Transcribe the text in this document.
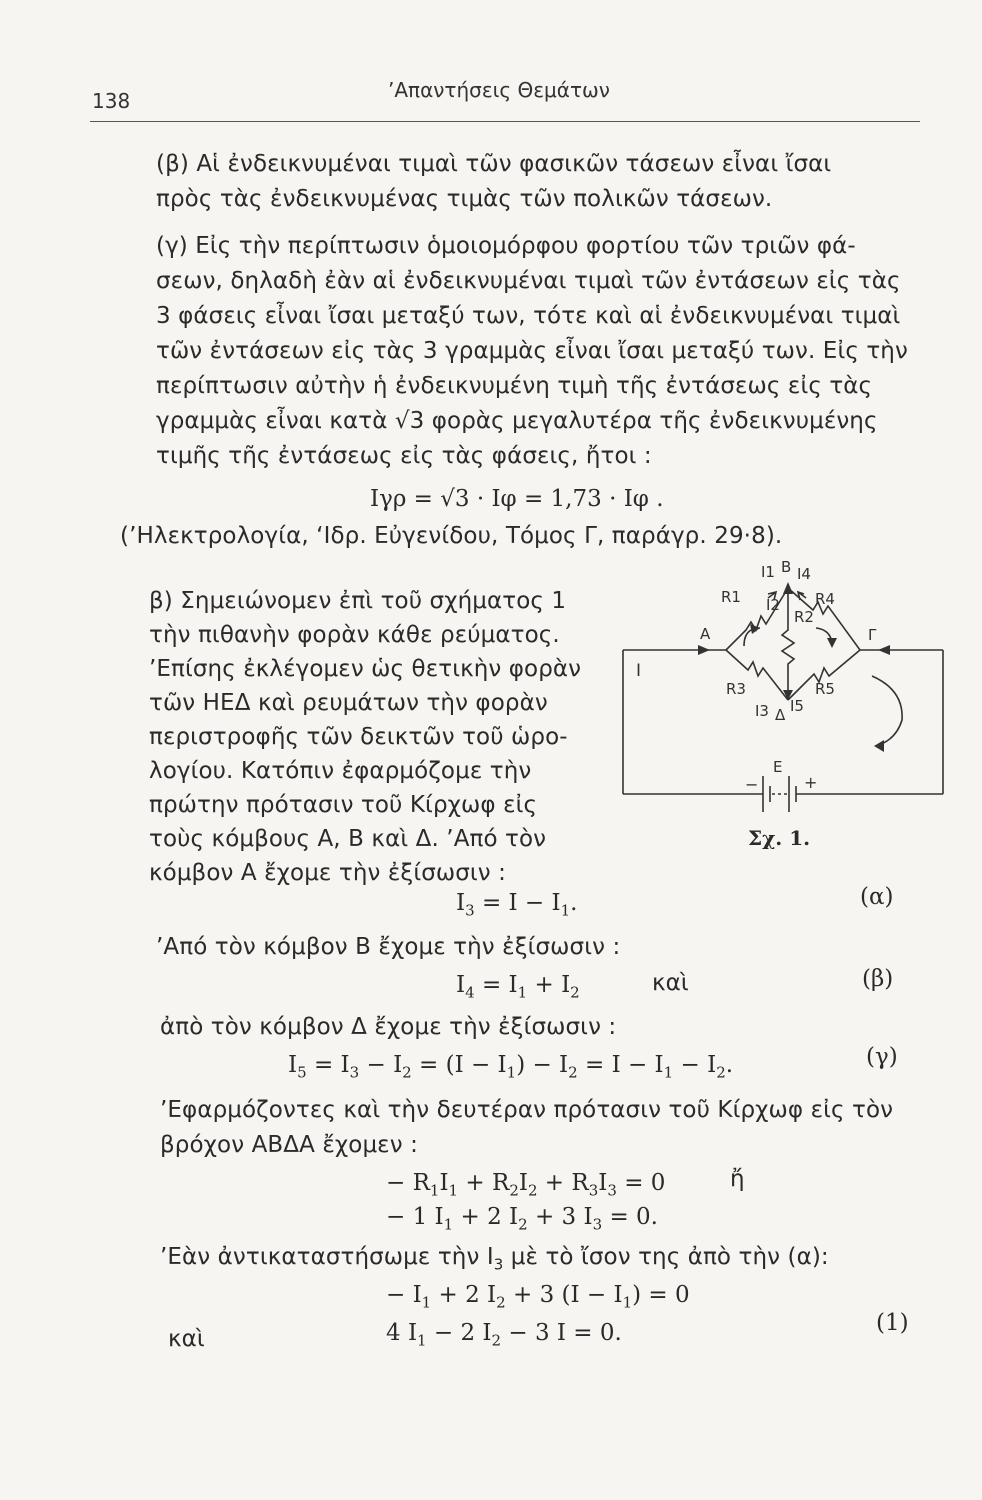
138	’Απαντήσεις Θεμάτων
(β) Αἱ ἐνδεικνυμέναι τιμαὶ τῶν φασικῶν τάσεων εἶναι ἴσαι
πρὸς τὰς ἐνδεικνυμένας τιμὰς τῶν πολικῶν τάσεων.
(γ) Εἰς τὴν περίπτωσιν ὁμοιομόρφου φορτίου τῶν τριῶν φά-
σεων, δηλαδὴ ἐὰν αἱ ἐνδεικνυμέναι τιμαὶ τῶν ἐντάσεων εἰς τὰς
3 φάσεις εἶναι ἴσαι μεταξύ των, τότε καὶ αἱ ἐνδεικνυμέναι τιμαὶ
τῶν ἐντάσεων εἰς τὰς 3 γραμμὰς εἶναι ἴσαι μεταξύ των. Εἰς τὴν
περίπτωσιν αὐτὴν ἡ ἐνδεικνυμένη τιμὴ τῆς ἐντάσεως εἰς τὰς
γραμμὰς εἶναι κατὰ √3 φορὰς μεγαλυτέρα τῆς ἐνδεικνυμένης
τιμῆς τῆς ἐντάσεως εἰς τὰς φάσεις, ἤτοι :
Iγρ = √3 · Iφ = 1,73 · Iφ .
(’Ηλεκτρολογία, ‘Ιδρ. Εὐγενίδου, Τόμος Γ, παράγρ. 29·8).
β) Σημειώνομεν ἐπὶ τοῦ σχήματος 1
τὴν πιθανὴν φορὰν κάθε ρεύματος.
’Επίσης ἐκλέγομεν ὡς θετικὴν φορὰν
τῶν ΗΕΔ καὶ ρευμάτων τὴν φορὰν
περιστροφῆς τῶν δεικτῶν τοῦ ὡρο-
λογίου. Κατόπιν ἐφαρμόζομε τὴν
πρώτην πρότασιν τοῦ Κίρχωφ εἰς
τοὺς κόμβους Α, Β καὶ Δ. ’Από τὸν
κόμβον Α ἔχομε τὴν ἐξίσωσιν :
I1 B I4
R1 I2 R4
R2
A	Γ
I
R3	R5
I3 Δ I5
E
−	+
Σχ. 1.
$I_3 = I - I_1$.	(α)
’Από τὸν κόμβον Β ἔχομε τὴν ἐξίσωσιν :
$I_4 = I_1 + I_2$	καὶ	(β)
ἀπὸ τὸν κόμβον Δ ἔχομε τὴν ἐξίσωσιν :
$I_5 = I_3 - I_2 = (I - I_1) - I_2 = I - I_1 - I_2$.	(γ)
’Εφαρμόζοντες καὶ τὴν δευτέραν πρότασιν τοῦ Κίρχωφ εἰς τὸν
βρόχον ΑΒΔΑ ἔχομεν :
− $R_1I_1 + R_2I_2 + R_3I_3 = 0$	ἤ
− 1 $I_1 + 2$ $I_2 + 3$ $I_3 = 0$.
’Εὰν ἀντικαταστήσωμε τὴν $I_3$ μὲ τὸ ἴσον της ἀπὸ τὴν (α):
− $I_1 + 2$ $I_2 + 3$ $(I - I_1) = 0$
καὶ	4 $I_1 - 2$ $I_2 - 3$ I = 0.	(1)
